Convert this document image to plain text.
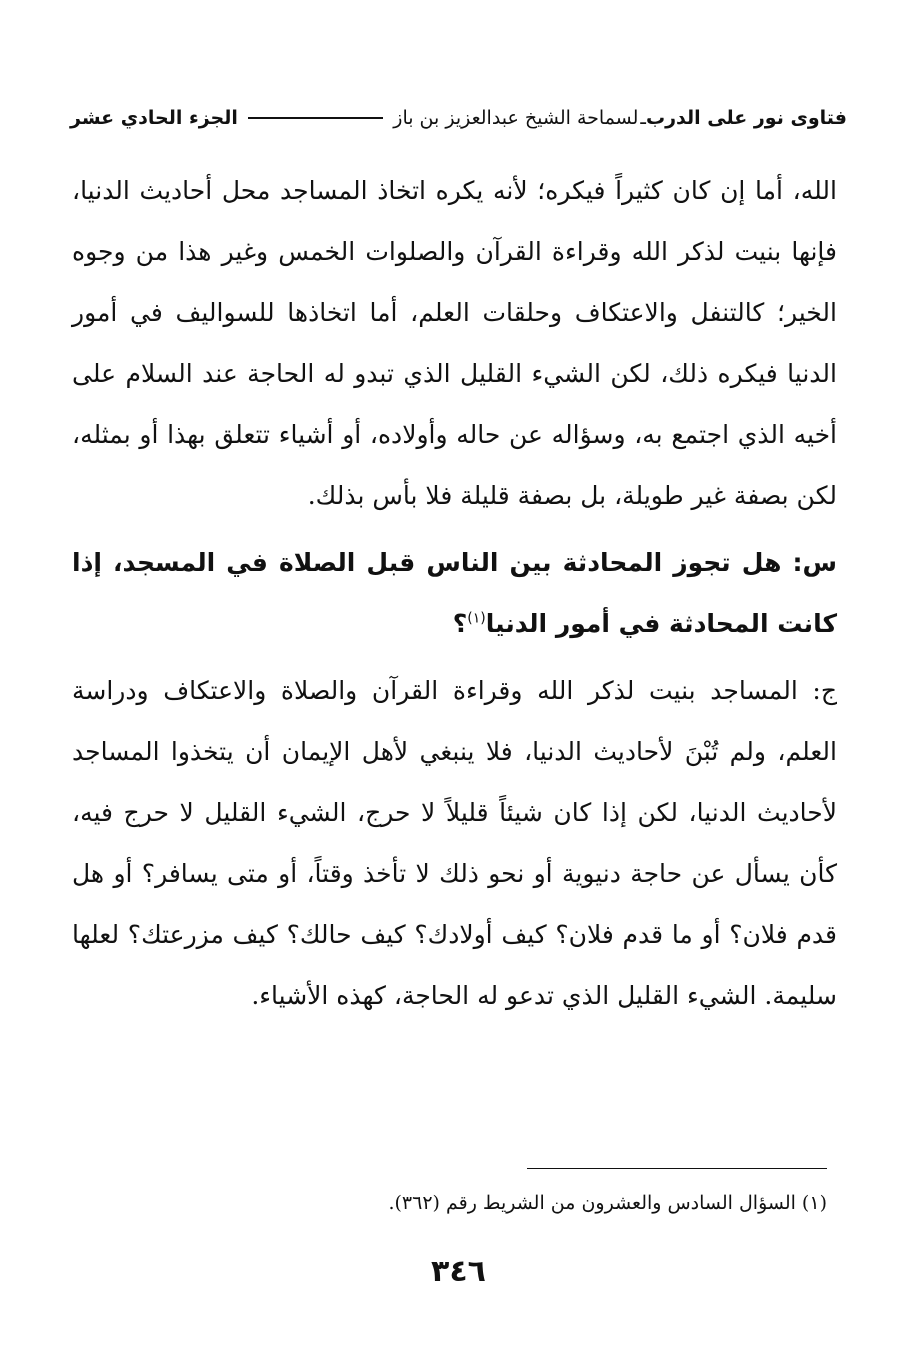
فتاوى نور على الدرب
ـ
لسماحة الشيخ عبدالعزيز بن باز
الجزء الحادي عشر

الله، أما إن كان كثيراً فيكره؛ لأنه يكره اتخاذ المساجد محل أحاديث الدنيا، فإنها بنيت لذكر الله وقراءة القرآن والصلوات الخمس وغير هذا من وجوه الخير؛ كالتنفل والاعتكاف وحلقات العلم، أما اتخاذها للسواليف في أمور الدنيا فيكره ذلك، لكن الشيء القليل الذي تبدو له الحاجة عند السلام على أخيه الذي اجتمع به، وسؤاله عن حاله وأولاده، أو أشياء تتعلق بهذا أو بمثله، لكن بصفة غير طويلة، بل بصفة قليلة فلا بأس بذلك.

س: هل تجوز المحادثة بين الناس قبل الصلاة في المسجد، إذا كانت المحادثة في أمور الدنيا$^{(١)}$؟

ج: المساجد بنيت لذكر الله وقراءة القرآن والصلاة والاعتكاف ودراسة العلم، ولم تُبْنَ لأحاديث الدنيا، فلا ينبغي لأهل الإيمان أن يتخذوا المساجد لأحاديث الدنيا، لكن إذا كان شيئاً قليلاً لا حرج، الشيء القليل لا حرج فيه، كأن يسأل عن حاجة دنيوية أو نحو ذلك لا تأخذ وقتاً، أو متى يسافر؟ أو هل قدم فلان؟ أو ما قدم فلان؟ كيف أولادك؟ كيف حالك؟ كيف مزرعتك؟ لعلها سليمة. الشيء القليل الذي تدعو له الحاجة، كهذه الأشياء.

(١) السؤال السادس والعشرون من الشريط رقم (٣٦٢).
٣٤٦
